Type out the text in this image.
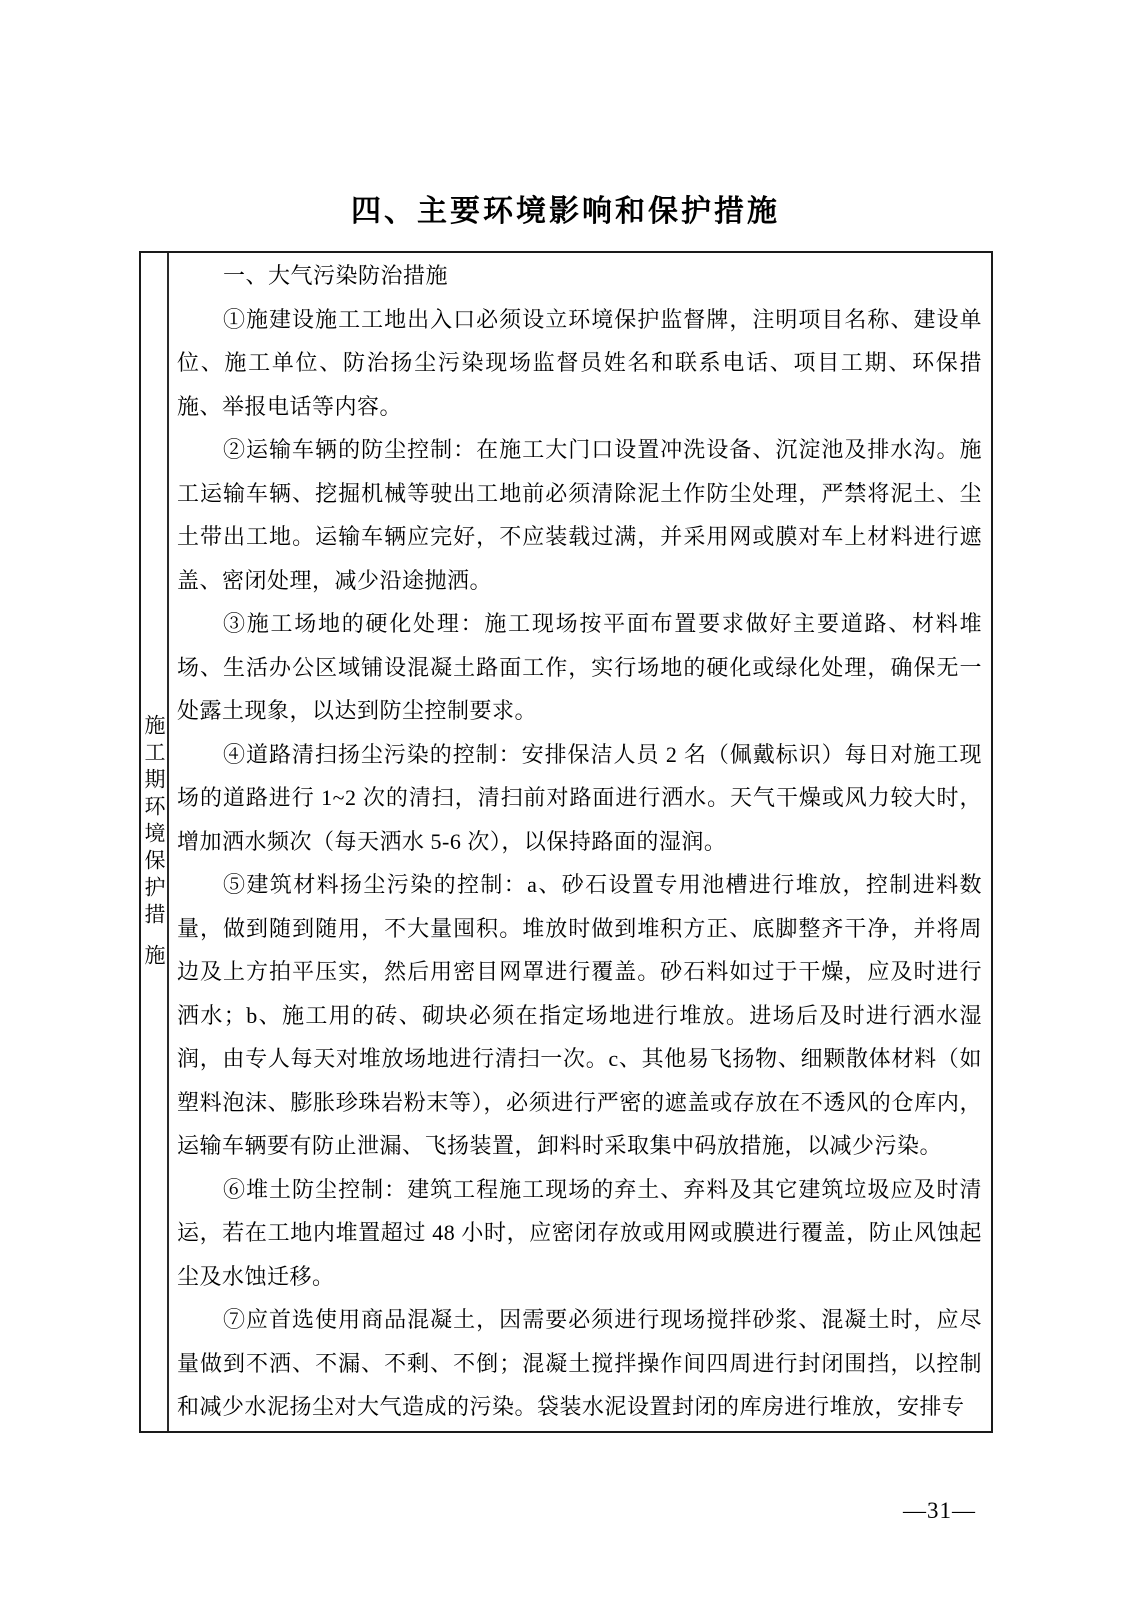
四、主要环境影响和保护措施
施工期环境保护措
施

一、大气污染防治措施

①施建设施工工地出入口必须设立环境保护监督牌，注明项目名称、建设单位、施工单位、防治扬尘污染现场监督员姓名和联系电话、项目工期、环保措施、举报电话等内容。

②运输车辆的防尘控制：在施工大门口设置冲洗设备、沉淀池及排水沟。施工运输车辆、挖掘机械等驶出工地前必须清除泥土作防尘处理，严禁将泥土、尘土带出工地。运输车辆应完好，不应装载过满，并采用网或膜对车上材料进行遮盖、密闭处理，减少沿途抛洒。

③施工场地的硬化处理：施工现场按平面布置要求做好主要道路、材料堆场、生活办公区域铺设混凝土路面工作，实行场地的硬化或绿化处理，确保无一处露土现象，以达到防尘控制要求。

④道路清扫扬尘污染的控制：安排保洁人员 2 名（佩戴标识）每日对施工现场的道路进行 1~2 次的清扫，清扫前对路面进行洒水。天气干燥或风力较大时，增加洒水频次（每天洒水 5-6 次），以保持路面的湿润。

⑤建筑材料扬尘污染的控制：a、砂石设置专用池槽进行堆放，控制进料数量，做到随到随用，不大量囤积。堆放时做到堆积方正、底脚整齐干净，并将周边及上方拍平压实，然后用密目网罩进行覆盖。砂石料如过于干燥，应及时进行洒水；b、施工用的砖、砌块必须在指定场地进行堆放。进场后及时进行洒水湿润，由专人每天对堆放场地进行清扫一次。c、其他易飞扬物、细颗散体材料（如塑料泡沫、膨胀珍珠岩粉末等），必须进行严密的遮盖或存放在不透风的仓库内，运输车辆要有防止泄漏、飞扬装置，卸料时采取集中码放措施，以减少污染。

⑥堆土防尘控制：建筑工程施工现场的弃土、弃料及其它建筑垃圾应及时清运，若在工地内堆置超过 48 小时，应密闭存放或用网或膜进行覆盖，防止风蚀起尘及水蚀迁移。

⑦应首选使用商品混凝土，因需要必须进行现场搅拌砂浆、混凝土时，应尽量做到不洒、不漏、不剩、不倒；混凝土搅拌操作间四周进行封闭围挡，以控制和减少水泥扬尘对大气造成的污染。袋装水泥设置封闭的库房进行堆放，安排专

—31—
